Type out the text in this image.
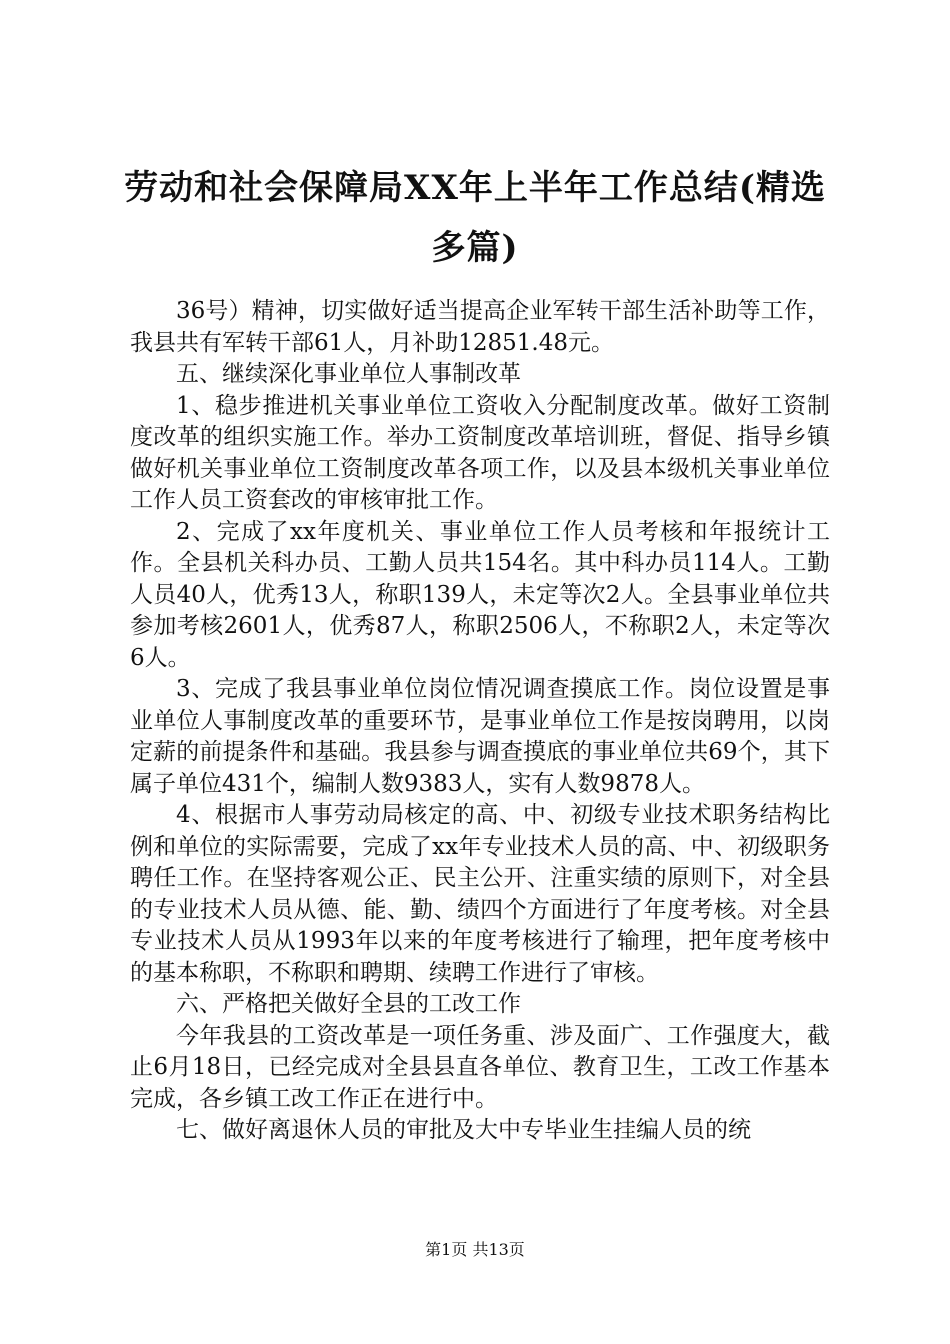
劳动和社会保障局XX年上半年工作总结(精选多篇)

36号）精神，切实做好适当提高企业军转干部生活补助等工作，我县共有军转干部61人，月补助12851.48元。

五、继续深化事业单位人事制改革

1、稳步推进机关事业单位工资收入分配制度改革。做好工资制度改革的组织实施工作。举办工资制度改革培训班，督促、指导乡镇做好机关事业单位工资制度改革各项工作，以及县本级机关事业单位工作人员工资套改的审核审批工作。

2、完成了xx年度机关、事业单位工作人员考核和年报统计工作。全县机关科办员、工勤人员共154名。其中科办员114人。工勤人员40人，优秀13人，称职139人，未定等次2人。全县事业单位共参加考核2601人，优秀87人，称职2506人，不称职2人，未定等次6人。

3、完成了我县事业单位岗位情况调查摸底工作。岗位设置是事业单位人事制度改革的重要环节，是事业单位工作是按岗聘用，以岗定薪的前提条件和基础。我县参与调查摸底的事业单位共69个，其下属子单位431个，编制人数9383人，实有人数9878人。

4、根据市人事劳动局核定的高、中、初级专业技术职务结构比例和单位的实际需要，完成了xx年专业技术人员的高、中、初级职务聘任工作。在坚持客观公正、民主公开、注重实绩的原则下，对全县的专业技术人员从德、能、勤、绩四个方面进行了年度考核。对全县专业技术人员从1993年以来的年度考核进行了输理，把年度考核中的基本称职，不称职和聘期、续聘工作进行了审核。

六、严格把关做好全县的工改工作

今年我县的工资改革是一项任务重、涉及面广、工作强度大，截止6月18日，已经完成对全县县直各单位、教育卫生，工改工作基本完成，各乡镇工改工作正在进行中。

七、做好离退休人员的审批及大中专毕业生挂编人员的统

第1页 共13页
